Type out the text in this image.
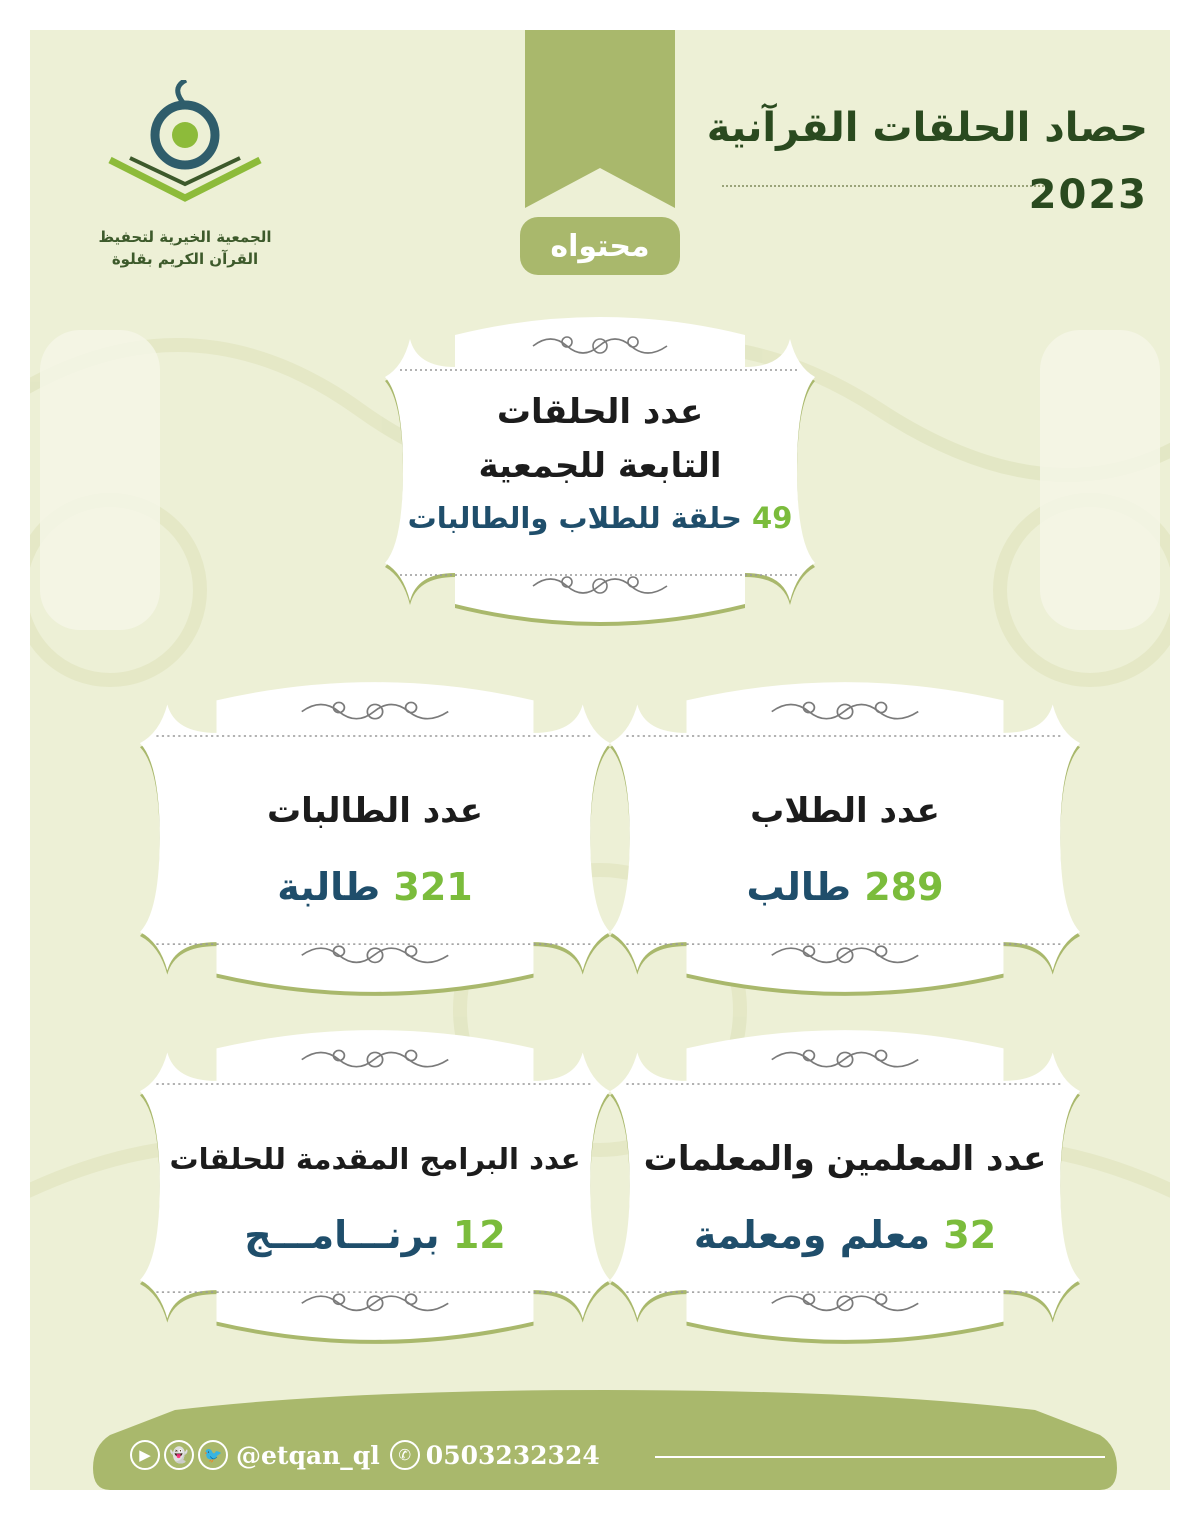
الجمعية الخيرية لتحفيظ
القرآن الكريم بقلوة
حصاد الحلقات القرآنية
2023
محتواه
عدد الحلقات
التابعة للجمعية
49 حلقة للطلاب والطالبات
عدد الطلاب
289 طالب
عدد الطالبات
321 طالبة
عدد المعلمين والمعلمات
32 معلم ومعلمة
عدد البرامج المقدمة للحلقات
12 برنـــامـــج
▶	👻	🐦 @etqan_ql	✆ 0503232324
